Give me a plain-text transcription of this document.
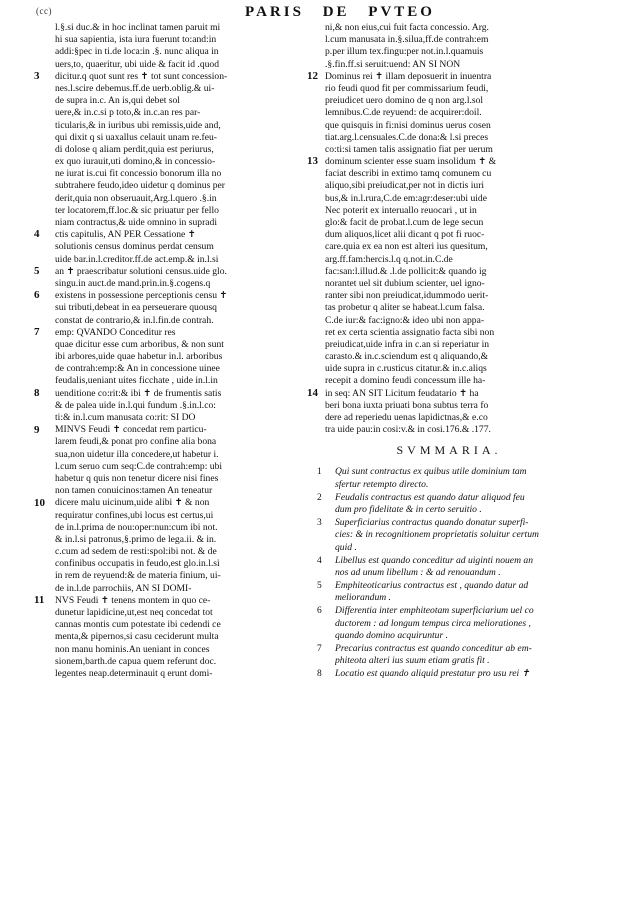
(cc)	PARIS DE PVTEO
l.§.si duc.& in hoc inclinat tamen paruit mi
hi sua sapientia, ista iura fuerunt to:and:in
addi:§pec in ti.de loca:in .§. nunc aliqua in
uers,to, quaeritur, ubi uide & facit id .quod
dicitur.q quot sunt res ✝ tot sunt concession-
nes.l.scire debemus.ff.de uerb.oblig.& ui-
de supra in.c. An is,qui debet sol
uere,& in.c.si p toto,& in.c.an res par-
ticularis,& in iuribus ubi remissis,uide and,
qui dixit q si uaxallus celauit unam re.feu-
di dolose q aliam perdit,quia est periurus,
ex quo iurauit,uti domino,& in concessio-
ne iurat is.cui fit concessio bonorum illa no
subtrahere feudo,ideo uidetur q dominus per
derit,quia non obseruauit,Arg.l.quero .§.in
ter locatorem,ff.loc.& sic priuatur per fello
niam contractus,& uide omnino in supradi
ctis capitulis, AN PER Cessatione ✝
solutionis census dominus perdat censum
uide bar.in.l.creditor.ff.de act.emp.& in.l.si
an ✝ praescribatur solutioni census.uide glo.
singu.in auct.de mand.prin.in.§.cogens.q
existens in possessione perceptionis censu ✝
sui tributi,debeat in ea perseuerare quousq
constat de contrario,& in.l.fin.de contrah.
emp: QVANDO Conceditur res
quae dicitur esse cum arboribus, & non sunt
ibi arbores,uide quae habetur in.l. arboribus
de contrah:emp:& An in concessione uinee
feudalis,ueniant uites ficchate , uide in.l.in
uenditione co:rit:& ibi ✝ de frumentis satis
& de palea uide in.l.qui fundum .§.in.l.co:
ti:& in.l.cum manusata co:rit: SI DO
MINVS Feudi ✝ concedat rem particu-
larem feudi,& ponat pro confine alia bona
sua,non uidetur illa concedere,ut habetur i.
l.cum seruo cum seq:C.de contrah:emp: ubi
habetur q quis non tenetur dicere nisi fines
non tamen conuicinos:tamen An teneatur
dicere malu uicinum,uide alibi ✝ & non
requiratur confines,ubi locus est certus,ui
de in.l.prima de nou:oper:nun:cum ibi not.
& in.l.si patronus,§.primo de lega.ii. & in.
c.cum ad sedem de resti:spol:ibi not. & de
confinibus occupatis in feudo,est glo.in.l.si
in rem de reyuend:& de materia finium, ui-
de in.l.de parrochiis, AN SI DOMI-
NVS Feudi ✝ tenens montem in quo ce-
dunetur lapidicine,ut,est neq concedat tot
cannas montis cum potestate ibi cedendi ce
menta,& pipernos,si casu ceciderunt multa
non manu hominis.An ueniant in conces
sionem,barth.de capua quem referunt doc.
legentes neap.determinauit q erunt domi-
3
4
5
6
7
8
9
10
11
ni,& non eius,cui fuit facta concessio. Arg.
l.cum manusata in.§.silua,ff.de contrah:em
p.per illum tex.fingu:per not.in.l.quamuis
.§.fin.ff.si seruit:uend: AN SI NON
Dominus rei ✝ illam deposuerit in inuentra
rio feudi quod fit per commissarium feudi,
preiudicet uero domino de q non arg.l.sol
lemnibus.C.de reyuend: de acquirer:doil.
que quisquis in fi:nisi dominus uerus cosen
tiat.arg.l.censuales.C.de dona:& l.si preces
co:ti:si tamen talis assignatio fiat per uerum
dominum scienter esse suam insolidum ✝ &
faciat describi in extimo tamq comunem cu
aliquo,sibi preiudicat,per not in dictis iuri
bus,& in.l.rura,C.de em:agr:deser:ubi uide
Nec poterit ex interuallo reuocari , ut in
glo:& facit de probat.l.cum de lege secun
dum aliquos,licet alii dicant q pot fi ruoc-
care.quia ex ea non est alteri ius quesitum,
arg.ff.fam:hercis.l.q q.not.in.C.de
fac:san:l.illud.& .l.de pollicit:& quando ig
norantet uel sit dubium scienter, uel igno-
ranter sibi non preiudicat,idummodo uerit-
tas probetur q aliter se habeat.l.cum falsa.
C.de iur:& fac:igno:& ideo ubi non appa-
ret ex certa scientia assignatio facta sibi non
preiudicat,uide infra in c.an si reperiatur in
carasto.& in.c.sciendum est q aliquando,&
uide supra in c.rusticus citatur.& in.c.aliqs
recepit a domino feudi concessum ille ha-
in seq: AN SIT Licitum feudatario ✝ ha
beri bona iuxta priuati bona subtus terra fo
dere ad reperiedu uenas lapidictnas,& e.co
tra uide pau:in cosi:v.& in cosi.176.& .177.
SVMMARIA.
1 Qui sunt contractus ex quibus utile dominium tam
sfertur retempto directo.
2 Feudalis contractus est quando datur aliquod feu
dum pro fidelitate & in certo seruitio .
3 Superficiarius contractus quando donatur superfi-
cies: & in recognitionem proprietatis soluitur certum
quid .
4 Libellus est quando conceditur ad uiginti nouem an
nos ad unum libellum : & ad renouandum .
5 Emphiteoticarius contractus est , quando datur ad
meliorandum .
6 Differentia inter emphiteotam superficiarium uel co
ductorem : ad longum tempus circa meliorationes ,
quando domino acquiruntur .
7 Precarius contractus est quando conceditur ab em-
phiteota alteri ius suum etiam gratis fit .
8 Locatio est quando aliquid prestatur pro usu rei ✝
12
13
14
